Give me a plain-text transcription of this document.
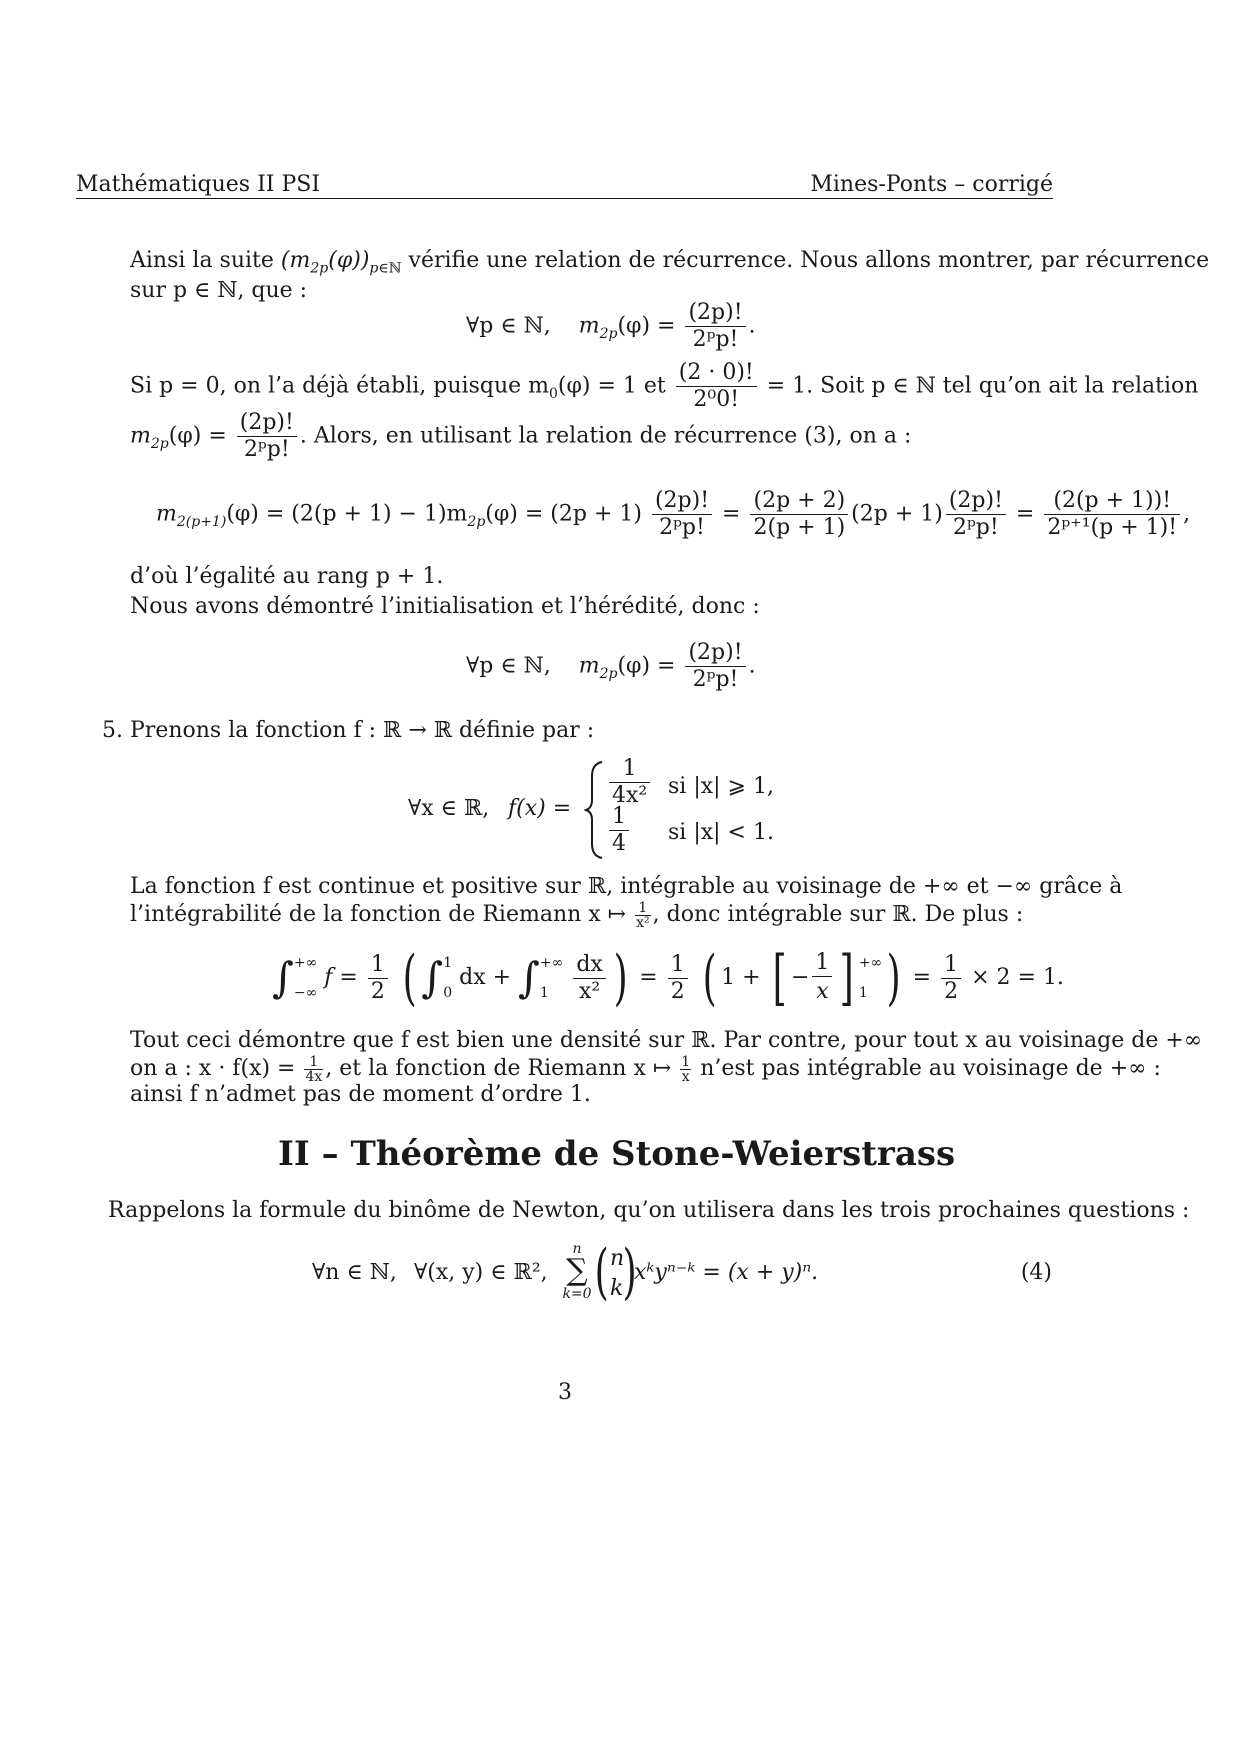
Mathématiques II PSI	Mines-Ponts – corrigé
Ainsi la suite $(m_{2p}(\varphi))_{p\in ℕ}$ vérifie une relation de récurrence. Nous allons montrer, par récurrence
sur p ∈ ℕ, que :
∀p ∈ ℕ, $m_{2p}(\varphi) = \frac{(2p)!}{\text{2ᵖp!}}$ .
Si p = 0, on l’a déjà établi, puisque $m_0(\varphi) = 1$ et $\frac{(2 \cdot 0)!}{\text{2⁰0!}} = 1$. Soit p ∈ ℕ tel qu’on ait la relation
$m_{2p}(\varphi) = \frac{(2p)!}{\text{2ᵖp!}}$ . Alors, en utilisant la relation de récurrence (3), on a :
$m_{2(p+1)}(\varphi) = (2(p + 1) - 1)m_{2p}(\varphi) = (2p + 1) \frac{(2p)!}{\text{2ᵖp!}} = \frac{(2p + 2)}{2(p + 1)} (2p + 1) \frac{(2p)!}{\text{2ᵖp!}} = \frac{(2(p + 1))!}{\text{2ᵖ⁺¹(p + 1)!}}$ ,
d’où l’égalité au rang p + 1.
Nous avons démontré l’initialisation et l’hérédité, donc :
∀p ∈ ℕ, $m_{2p}(\varphi) = \frac{(2p)!}{\text{2ᵖp!}}$ .
5. Prenons la fonction f : ℝ → ℝ définie par :
∀x ∈ ℝ, $f(x) = \frac{1}{\text{4x²}}$ si |x| ⩾ 1,
$\frac{1}{4}$ si |x| < 1.
La fonction f est continue et positive sur ℝ, intégrable au voisinage de +∞ et −∞ grâce à
l’intégrabilité de la fonction de Riemann x ↦ $\frac{1}{\text{x²}}$ , donc intégrable sur ℝ. De plus :
∫ +∞
−∞
$f = \frac{1}{2}$ ( ∫ 1
0
dx + ∫ +∞
1
	$\frac{dx}{\text{x²}}$ ) = $\frac{1}{2}$ ( 1 + [ − $\frac{1}{x}$ ] +∞
1 ) = $\frac{1}{2} \times 2 = 1$.
Tout ceci démontre que f est bien une densité sur ℝ. Par contre, pour tout x au voisinage de +∞
on a : $x \cdot f(x) = \frac{1}{4x}$ , et la fonction de Riemann x ↦ $\frac{1}{x}$ n’est pas intégrable au voisinage de +∞ :
ainsi f n’admet pas de moment d’ordre 1.
II – Théorème de Stone-Weierstrass
Rappelons la formule du binôme de Newton, qu’on utilisera dans les trois prochaines questions :
∀n ∈ ℕ, ∀(x, y) ∈ ℝ²,
n
∑
k=0 ( n
k )
xᵏyⁿ⁻ᵏ = (x + y)ⁿ.	(4)
3
